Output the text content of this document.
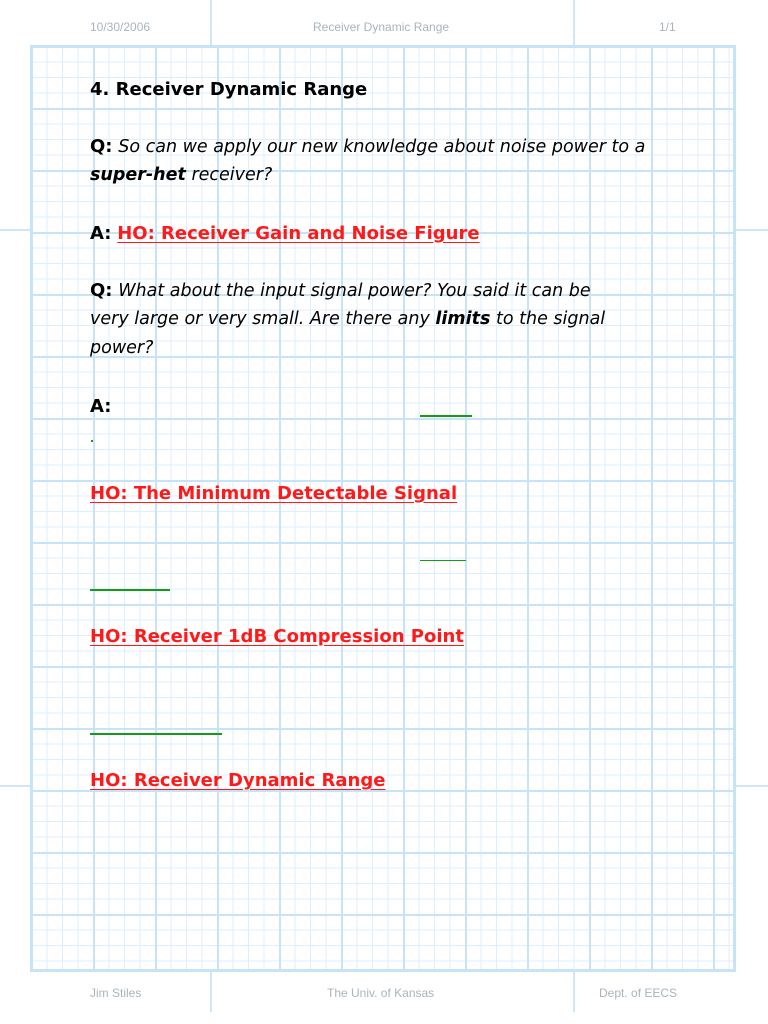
10/30/2006	Receiver Dynamic Range	1/1
4. Receiver Dynamic Range
Q: So can we apply our new knowledge about noise power to a
super-het receiver?
A: HO: Receiver Gain and Noise Figure
Q: What about the input signal power? You said it can be
very large or very small. Are there any limits to the signal
power?
A:
HO: The Minimum Detectable Signal
HO: Receiver 1dB Compression Point
HO: Receiver Dynamic Range
Jim Stiles	The Univ. of Kansas	Dept. of EECS
